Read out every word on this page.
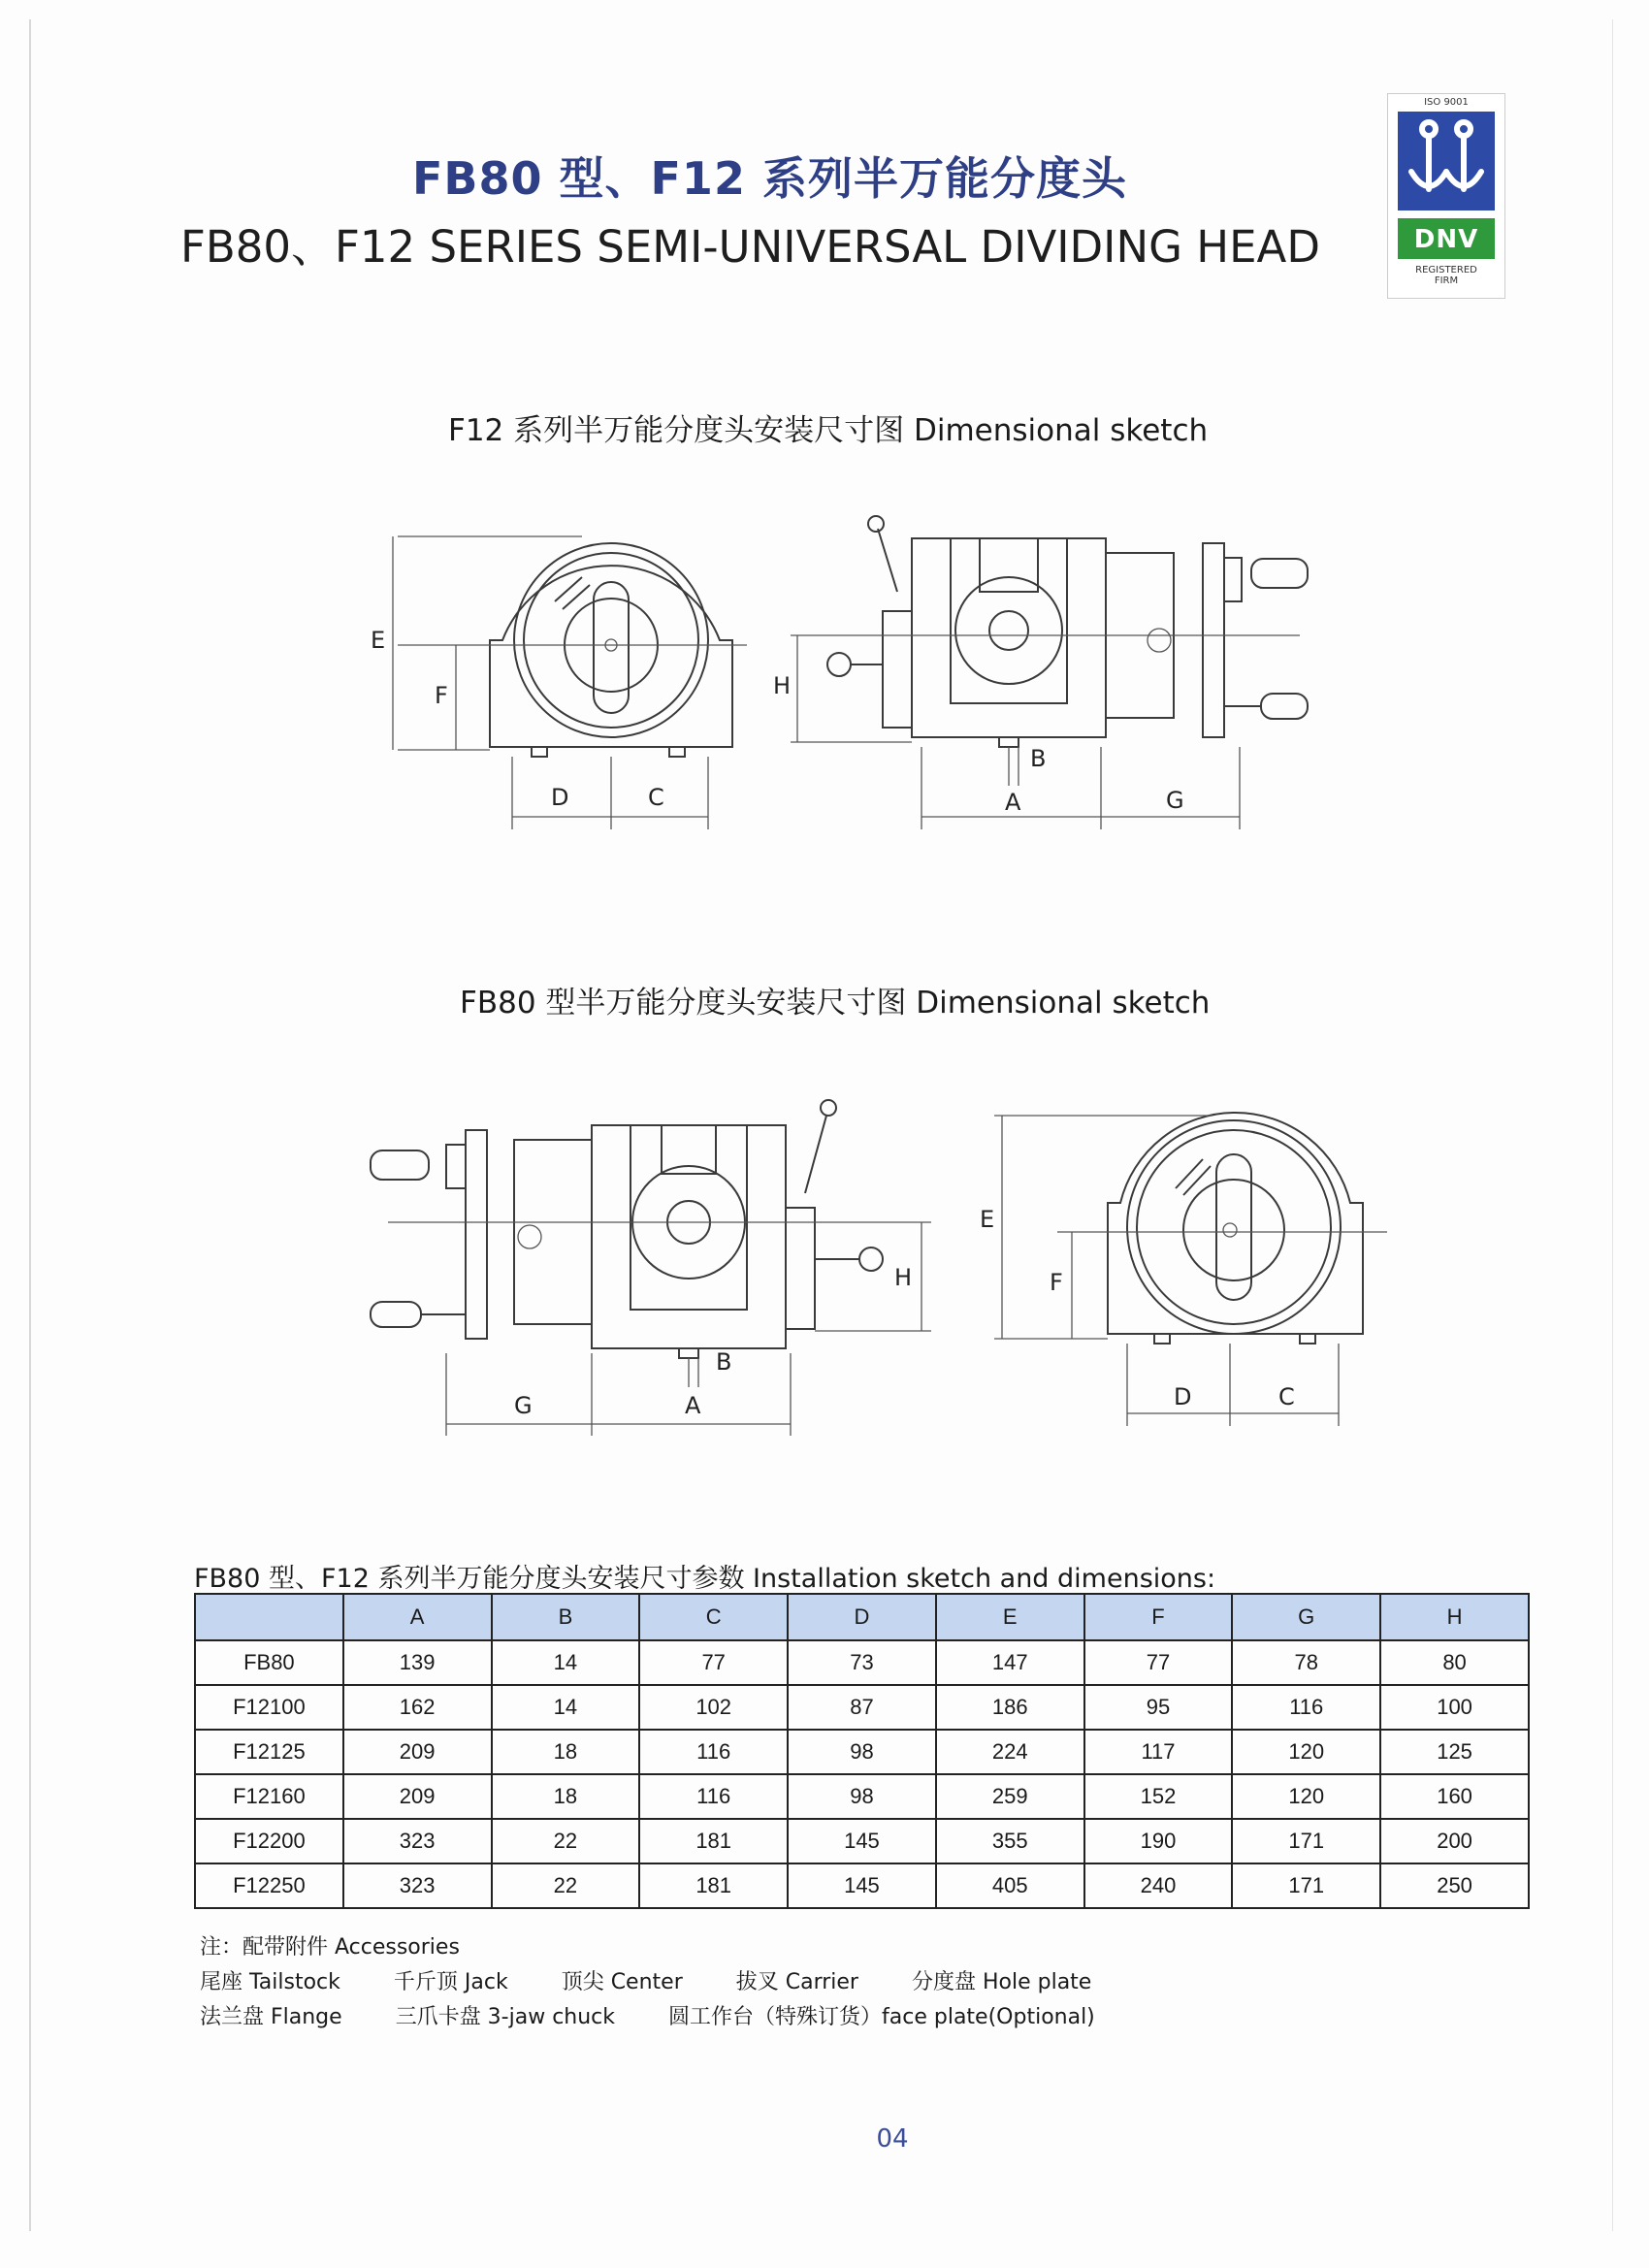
FB80 型、F12 系列半万能分度头
FB80、F12 SERIES SEMI-UNIVERSAL DIVIDING HEAD
ISO 9001
DNV
REGISTERED
FIRM
F12 系列半万能分度头安装尺寸图 Dimensional sketch
FB80 型半万能分度头安装尺寸图 Dimensional sketch
E
F
D	C
H
B
A	G
H
B
A
G
E
F
D	C
FB80 型、F12 系列半万能分度头安装尺寸参数 Installation sketch and dimensions:
	A	B	C	D	E	F	G	H
FB80	139	14	77	73	147	77	78	80
F12100	162	14	102	87	186	95	116	100
F12125	209	18	116	98	224	117	120	125
F12160	209	18	116	98	259	152	120	160
F12200	323	22	181	145	355	190	171	200
F12250	323	22	181	145	405	240	171	250
注：配带附件 Accessories
尾座 Tailstock	千斤顶 Jack	顶尖 Center	拔叉 Carrier	分度盘 Hole plate
法兰盘 Flange	三爪卡盘 3-jaw chuck	圆工作台（特殊订货）face plate(Optional)
04
